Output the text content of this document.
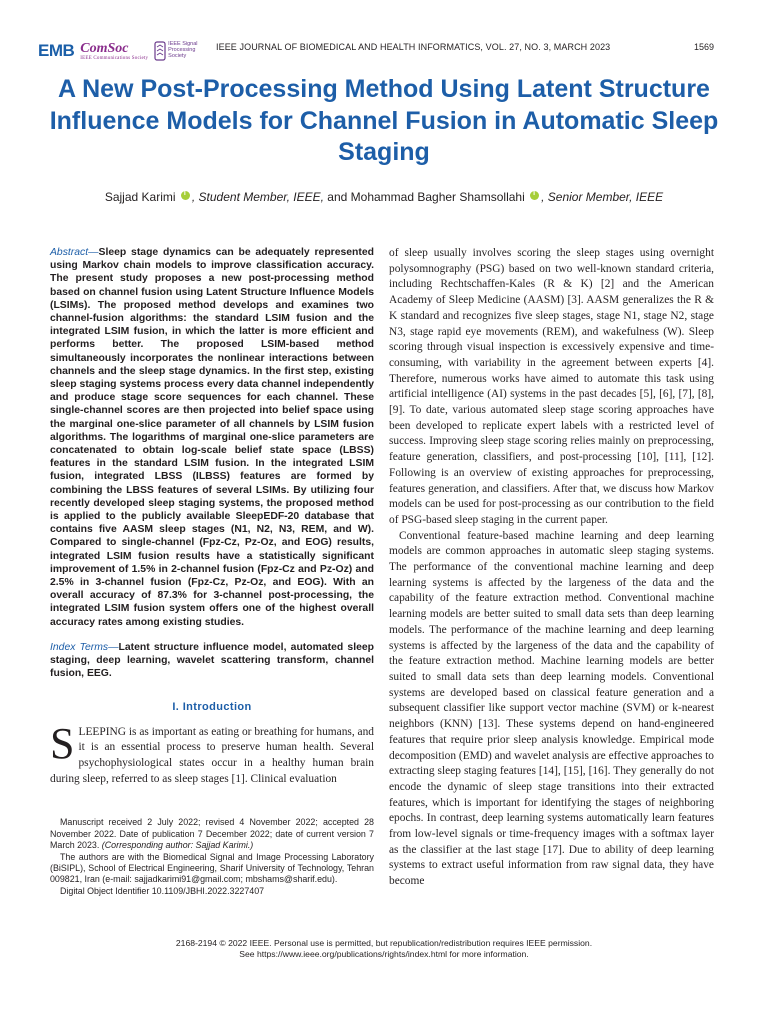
EMB ComSoc
IEEE Communications Society
IEEE Signal Processing Society
IEEE JOURNAL OF BIOMEDICAL AND HEALTH INFORMATICS, VOL. 27, NO. 3, MARCH 2023	1569
A New Post-Processing Method Using Latent Structure Influence Models for Channel Fusion in Automatic Sleep Staging
Sajjad Karimi i , Student Member, IEEE, and Mohammad Bagher Shamsollahi i , Senior Member, IEEE

Abstract—Sleep stage dynamics can be adequately represented using Markov chain models to improve classification accuracy. The present study proposes a new post-processing method based on channel fusion using Latent Structure Influence Models (LSIMs). The proposed method develops and examines two channel-fusion algorithms: the standard LSIM fusion and the integrated LSIM fusion, in which the latter is more efficient and performs better. The proposed LSIM-based method simultaneously incorporates the nonlinear interactions between channels and the sleep stage dynamics. In the first step, existing sleep staging systems process every data channel independently and produce stage score sequences for each channel. These single-channel scores are then projected into belief space using the marginal one-slice parameter of all channels by LSIM fusion algorithms. The logarithms of marginal one-slice parameters are concatenated to obtain log-scale belief state space (LBSS) features in the standard LSIM fusion. In the integrated LSIM fusion, integrated LBSS (ILBSS) features are formed by combining the LBSS features of several LSIMs. By utilizing four recently developed sleep staging systems, the proposed method is applied to the publicly available SleepEDF-20 database that contains five AASM sleep stages (N1, N2, N3, REM, and W). Compared to single-channel (Fpz-Cz, Pz-Oz, and EOG) results, integrated LSIM fusion results have a statistically significant improvement of 1.5% in 2-channel fusion (Fpz-Cz and Pz-Oz) and 2.5% in 3-channel fusion (Fpz-Cz, Pz-Oz, and EOG). With an overall accuracy of 87.3% for 3-channel post-processing, the integrated LSIM fusion system offers one of the highest overall accuracy rates among existing studies.

Index Terms—Latent structure influence model, automated sleep staging, deep learning, wavelet scattering transform, channel fusion, EEG.

I. Introduction

SLEEPING is as important as eating or breathing for humans, and it is an essential process to preserve human health. Several psychophysiological states occur in a healthy human brain during sleep, referred to as sleep stages [1]. Clinical evaluation

Manuscript received 2 July 2022; revised 4 November 2022; accepted 28 November 2022. Date of publication 7 December 2022; date of current version 7 March 2023. (Corresponding author: Sajjad Karimi.)

The authors are with the Biomedical Signal and Image Processing Laboratory (BiSIPL), School of Electrical Engineering, Sharif University of Technology, Tehran 009821, Iran (e-mail: sajjadkarimi91@gmail.com; mbshams@sharif.edu).

Digital Object Identifier 10.1109/JBHI.2022.3227407

of sleep usually involves scoring the sleep stages using overnight polysomnography (PSG) based on two well-known standard criteria, including Rechtschaffen-Kales (R & K) [2] and the American Academy of Sleep Medicine (AASM) [3]. AASM generalizes the R & K standard and recognizes five sleep stages, stage N1, stage N2, stage N3, stage rapid eye movements (REM), and wakefulness (W). Sleep scoring through visual inspection is excessively expensive and time-consuming, with variability in the agreement between experts [4]. Therefore, numerous works have aimed to automate this task using artificial intelligence (AI) systems in the past decades [5], [6], [7], [8], [9]. To date, various automated sleep stage scoring approaches have been developed to replicate expert labels with a restricted level of success. Improving sleep stage scoring relies mainly on preprocessing, feature generation, classifiers, and post-processing [10], [11], [12]. Following is an overview of existing approaches for preprocessing, features generation, and classifiers. After that, we discuss how Markov models can be used for post-processing as our contribution to the field of PSG-based sleep staging in the current paper.

Conventional feature-based machine learning and deep learning models are common approaches in automatic sleep staging systems. The performance of the conventional machine learning and deep learning systems is affected by the largeness of the data and the capability of the feature extraction method. Conventional machine learning models are better suited to small data sets than deep learning models. The performance of the machine learning and deep learning systems is affected by the largeness of the data and the capability of the feature extraction method. Machine learning models are better suited to small data sets than deep learning models. Conventional systems are developed based on classical feature generation and a subsequent classifier like support vector machine (SVM) or k-nearest neighbors (KNN) [13]. These systems depend on hand-engineered features that require prior sleep analysis knowledge. Empirical mode decomposition (EMD) and wavelet analysis are effective approaches to extracting sleep staging features [14], [15], [16]. They generally do not encode the dynamic of sleep stage transitions into their extracted features, which is important for identifying the stages of neighboring epochs. In contrast, deep learning systems automatically learn features from low-level signals or time-frequency images with a softmax layer as the classifier at the last stage [17]. Due to ability of deep learning systems to extract useful information from raw signal data, they have become

2168-2194 © 2022 IEEE. Personal use is permitted, but republication/redistribution requires IEEE permission.
See https://www.ieee.org/publications/rights/index.html for more information.
